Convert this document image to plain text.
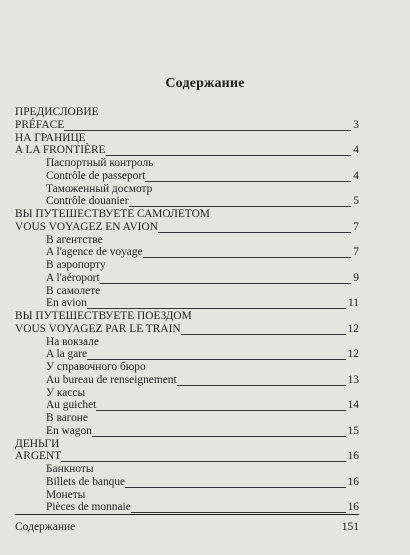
Содержание
ПРЕДИСЛОВИЕ
PRÉFACE	3
НА ГРАНИЦЕ
A LA FRONTIÈRE	4
Паспортный контроль
Contrôle de passeport	4
Таможенный досмотр
Contrôle douanier	5
ВЫ ПУТЕШЕСТВУЕТЕ САМОЛЕТОМ
VOUS VOYAGEZ EN AVION	7
В агентстве
A l'agence de voyage	7
В аэропорту
A l'aéroport	9
В самолете
En avion	11
ВЫ ПУТЕШЕСТВУЕТЕ ПОЕЗДОМ
VOUS VOYAGEZ PAR LE TRAIN	12
На вокзале
A la gare	12
У справочного бюро
Au bureau de renseignement	13
У кассы
Au guichet	14
В вагоне
En wagon	15
ДЕНЬГИ
ARGENT	16
Банкноты
Billets de banque	16
Монеты
Pièces de monnaie	16
Содержание	151
